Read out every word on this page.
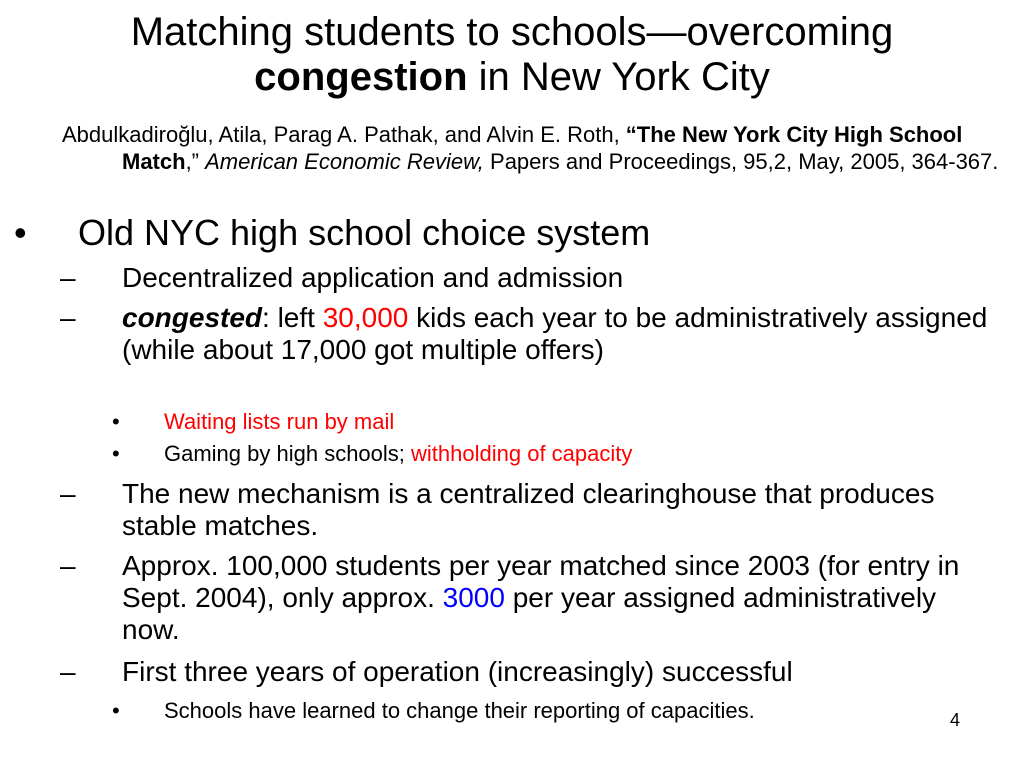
Matching students to schools—overcoming
congestion in New York City
Abdulkadiroğlu, Atila, Parag A. Pathak, and Alvin E. Roth, “The New York City High School Match,” American Economic Review, Papers and Proceedings, 95,2, May, 2005, 364-367.
• Old NYC high school choice system
– Decentralized application and admission
– congested: left 30,000 kids each year to be administratively assigned (while about 17,000 got multiple offers)
• Waiting lists run by mail
• Gaming by high schools; withholding of capacity
– The new mechanism is a centralized clearinghouse that produces stable matches.
– Approx. 100,000 students per year matched since 2003 (for entry in Sept. 2004), only approx. 3000 per year assigned administratively now.
– First three years of operation (increasingly) successful
• Schools have learned to change their reporting of capacities.	4
